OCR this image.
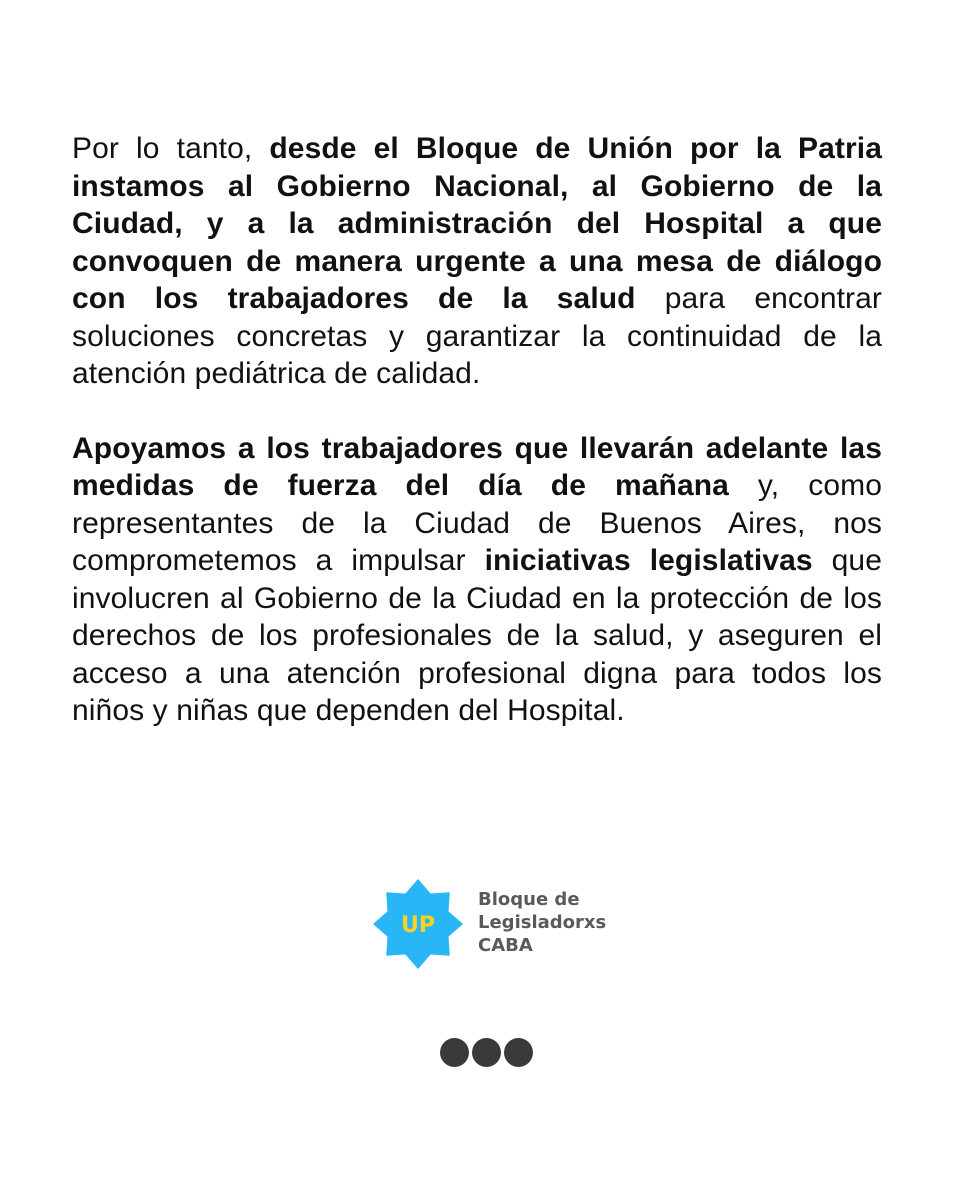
Por lo tanto, desde el Bloque de Unión por la Patria instamos al Gobierno Nacional, al Gobierno de la Ciudad, y a la administración del Hospital a que convoquen de manera urgente a una mesa de diálogo con los trabajadores de la salud para encontrar soluciones concretas y garantizar la continuidad de la atención pediátrica de calidad.

Apoyamos a los trabajadores que llevarán adelante las medidas de fuerza del día de mañana y, como representantes de la Ciudad de Buenos Aires, nos comprometemos a impulsar iniciativas legislativas que involucren al Gobierno de la Ciudad en la protección de los derechos de los profesionales de la salud, y aseguren el acceso a una atención profesional digna para todos los niños y niñas que dependen del Hospital.

UP
Bloque de
Legisladorxs
CABA
